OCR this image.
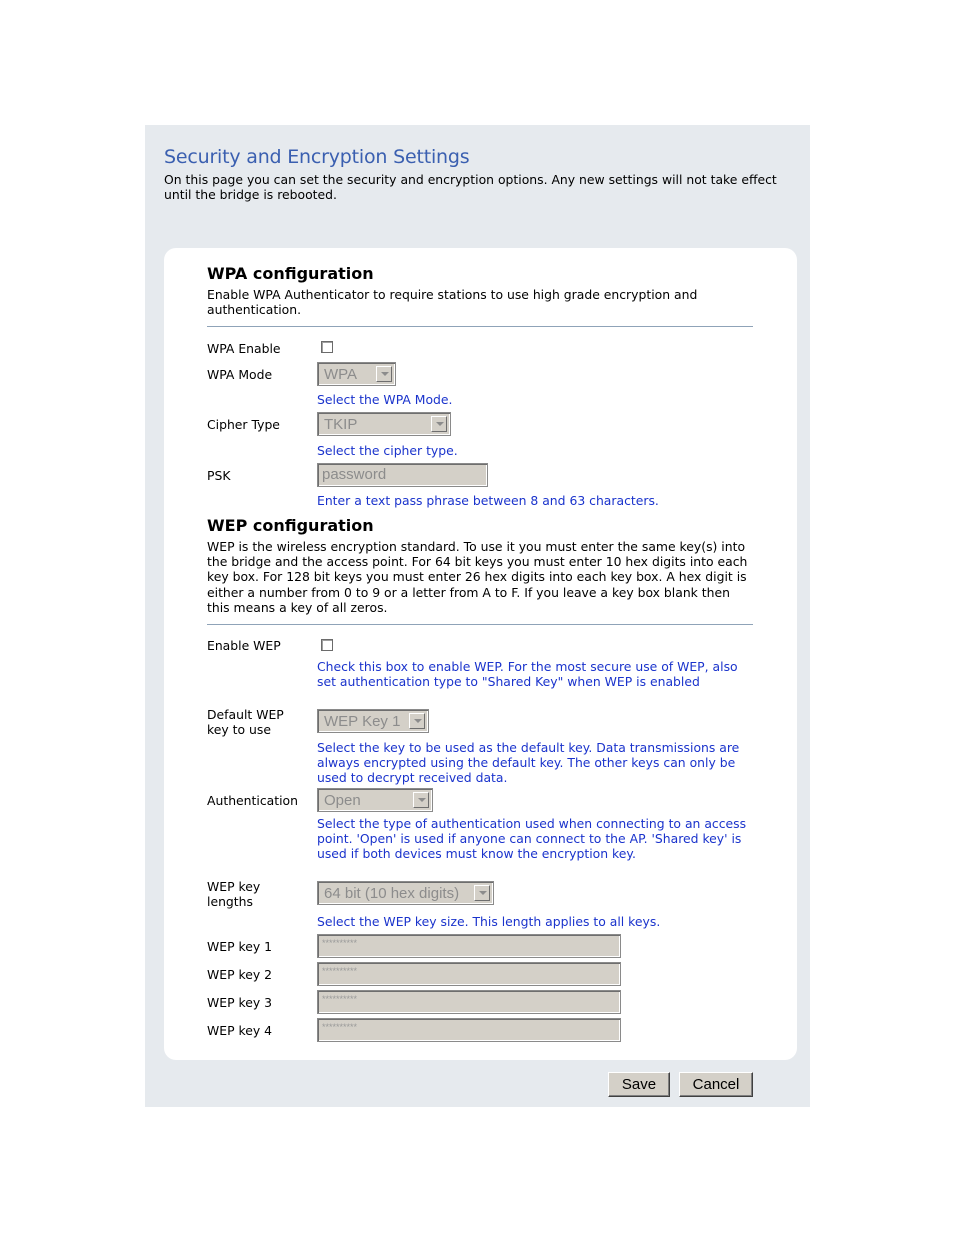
Security and Encryption Settings
On this page you can set the security and encryption options. Any new settings will not take effect until the bridge is rebooted.
WPA configuration
Enable WPA Authenticator to require stations to use high grade encryption and authentication.
WPA Enable
WPA Mode	WPA
Select the WPA Mode.
Cipher Type	TKIP
Select the cipher type.
PSK	password
Enter a text pass phrase between 8 and 63 characters.
WEP configuration
WEP is the wireless encryption standard. To use it you must enter the same key(s) into the bridge and the access point. For 64 bit keys you must enter 10 hex digits into each key box. For 128 bit keys you must enter 26 hex digits into each key box. A hex digit is either a number from 0 to 9 or a letter from A to F. If you leave a key box blank then this means a key of all zeros.
Enable WEP
Check this box to enable WEP. For the most secure use of WEP, also set authentication type to "Shared Key" when WEP is enabled
Default WEP key to use	WEP Key 1
Select the key to be used as the default key. Data transmissions are always encrypted using the default key. The other keys can only be used to decrypt received data.
Authentication Open
Select the type of authentication used when connecting to an access point. 'Open' is used if anyone can connect to the AP. 'Shared key' is used if both devices must know the encryption key.
WEP key lengths	64 bit (10 hex digits)
Select the WEP key size. This length applies to all keys.
WEP key 1	**********
WEP key 2	**********
WEP key 3	**********
WEP key 4	**********
Save	Cancel
